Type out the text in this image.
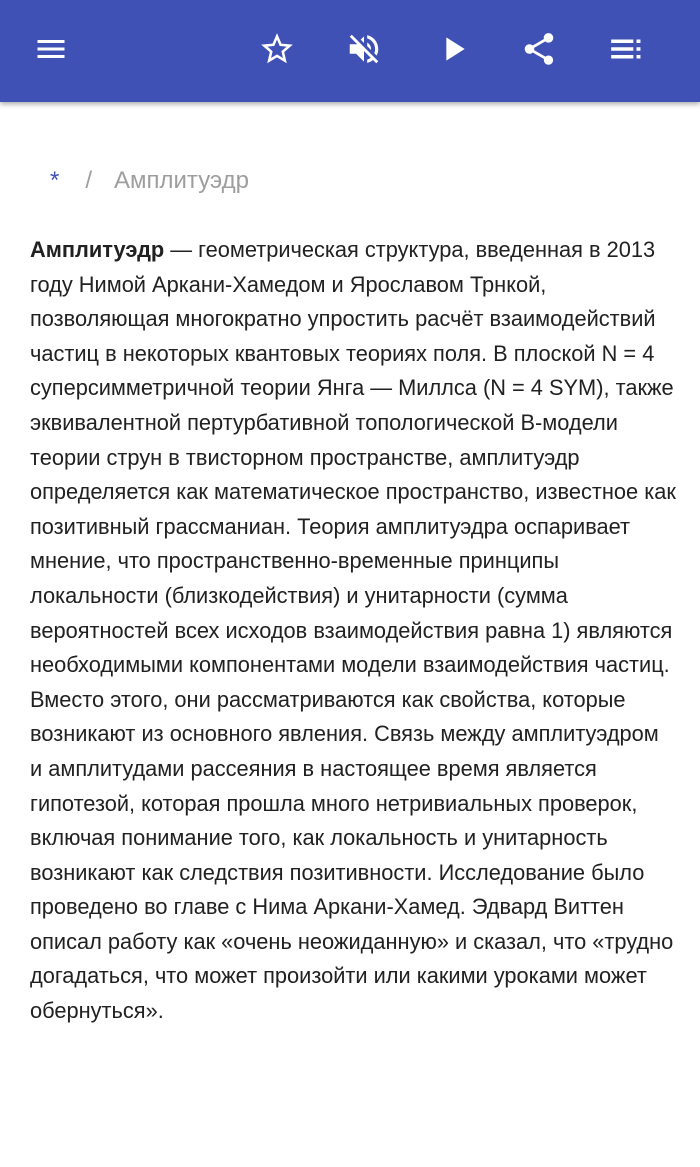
* / Амплитуэдр

Амплитуэдр — геометрическая структура, введенная в 2013 году Нимой Аркани-Хамедом и Ярославом Трнкой, позволяющая многократно упростить расчёт взаимодействий частиц в некоторых квантовых теориях поля. В плоской N = 4 суперсимметричной теории Янга — Миллса (N = 4 SYM), также эквивалентной пертурбативной топологической B-модели теории струн в твисторном пространстве, амплитуэдр определяется как математическое пространство, известное как позитивный грассманиан. Теория амплитуэдра оспаривает мнение, что пространственно-временные принципы локальности (близкодействия) и унитарности (сумма вероятностей всех исходов взаимодействия равна 1) являются необходимыми компонентами модели взаимодействия частиц. Вместо этого, они рассматриваются как свойства, которые возникают из основного явления. Связь между амплитуэдром и амплитудами рассеяния в настоящее время является гипотезой, которая прошла много нетривиальных проверок, включая понимание того, как локальность и унитарность возникают как следствия позитивности. Исследование было проведено во главе с Нима Аркани-Хамед. Эдвард Виттен описал работу как «очень неожиданную» и сказал, что «трудно догадаться, что может произойти или какими уроками может обернуться».
